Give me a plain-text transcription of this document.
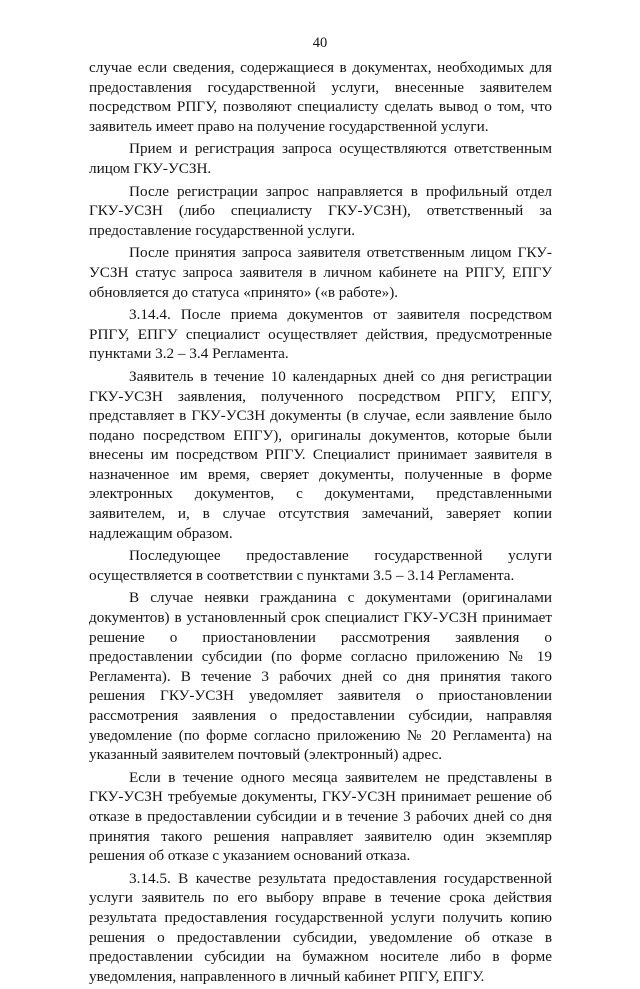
40

случае если сведения, содержащиеся в документах, необходимых для предоставления государственной услуги, внесенные заявителем посредством РПГУ, позволяют специалисту сделать вывод о том, что заявитель имеет право на получение государственной услуги.

Прием и регистрация запроса осуществляются ответственным лицом ГКУ-УСЗН.

После регистрации запрос направляется в профильный отдел ГКУ-УСЗН (либо специалисту ГКУ-УСЗН), ответственный за предоставление государственной услуги.

После принятия запроса заявителя ответственным лицом ГКУ-УСЗН статус запроса заявителя в личном кабинете на РПГУ, ЕПГУ обновляется до статуса «принято» («в работе»).

3.14.4. После приема документов от заявителя посредством РПГУ, ЕПГУ специалист осуществляет действия, предусмотренные пунктами 3.2 – 3.4 Регламента.

Заявитель в течение 10 календарных дней со дня регистрации ГКУ-УСЗН заявления, полученного посредством РПГУ, ЕПГУ, представляет в ГКУ-УСЗН документы (в случае, если заявление было подано посредством ЕПГУ), оригиналы документов, которые были внесены им посредством РПГУ. Специалист принимает заявителя в назначенное им время, сверяет документы, полученные в форме электронных документов, с документами, представленными заявителем, и, в случае отсутствия замечаний, заверяет копии надлежащим образом.

Последующее предоставление государственной услуги осуществляется в соответствии с пунктами 3.5 – 3.14 Регламента.

В случае неявки гражданина с документами (оригиналами документов) в установленный срок специалист ГКУ-УСЗН принимает решение о приостановлении рассмотрения заявления о предоставлении субсидии (по форме согласно приложению № 19 Регламента). В течение 3 рабочих дней со дня принятия такого решения ГКУ-УСЗН уведомляет заявителя о приостановлении рассмотрения заявления о предоставлении субсидии, направляя уведомление (по форме согласно приложению № 20 Регламента) на указанный заявителем почтовый (электронный) адрес.

Если в течение одного месяца заявителем не представлены в ГКУ-УСЗН требуемые документы, ГКУ-УСЗН принимает решение об отказе в предоставлении субсидии и в течение 3 рабочих дней со дня принятия такого решения направляет заявителю один экземпляр решения об отказе с указанием оснований отказа.

3.14.5. В качестве результата предоставления государственной услуги заявитель по его выбору вправе в течение срока действия результата предоставления государственной услуги получить копию решения о предоставлении субсидии, уведомление об отказе в предоставлении субсидии на бумажном носителе либо в форме уведомления, направленного в личный кабинет РПГУ, ЕПГУ.
